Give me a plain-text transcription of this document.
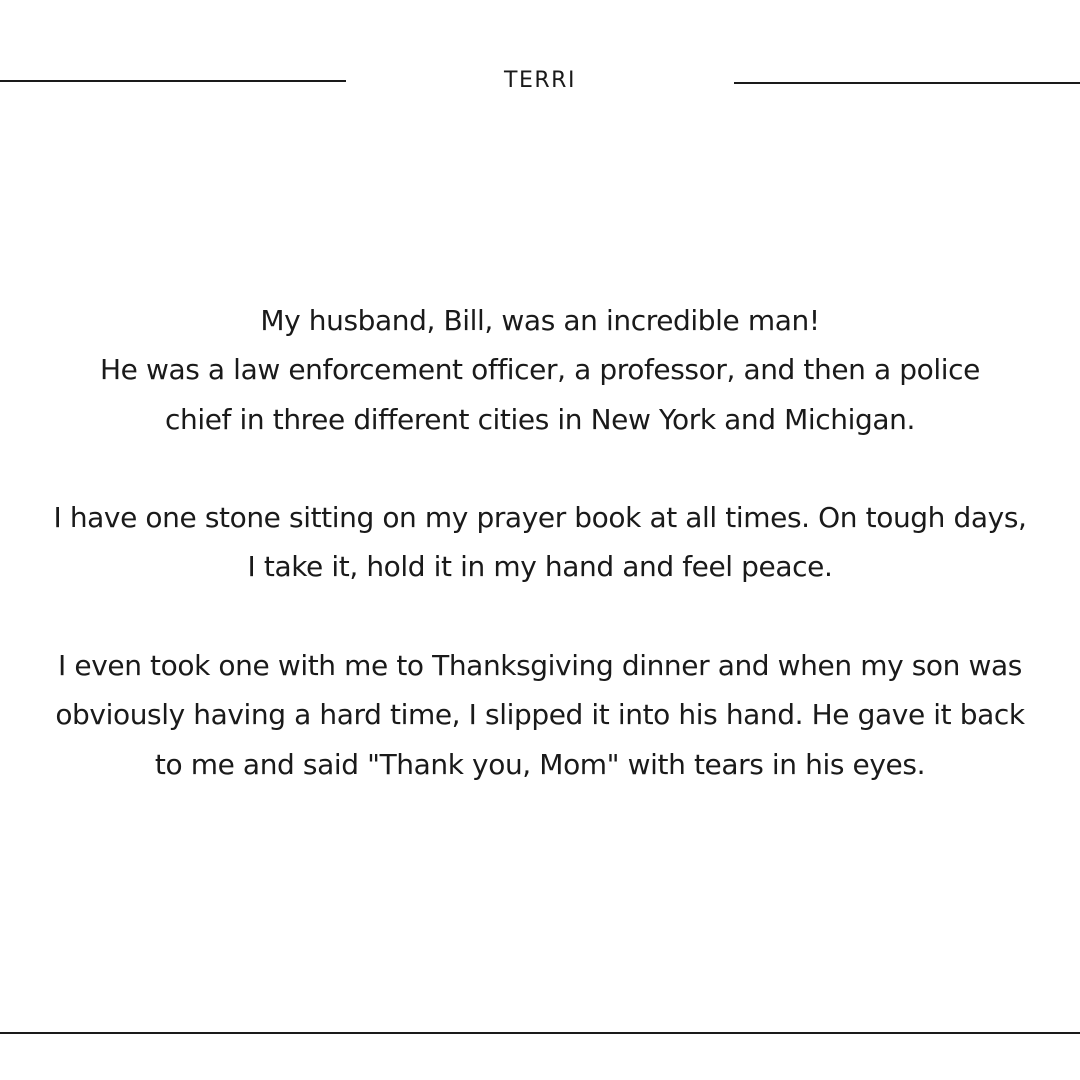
TERRI

My husband, Bill, was an incredible man!
He was a law enforcement officer, a professor, and then a police
chief in three different cities in New York and Michigan.

I have one stone sitting on my prayer book at all times. On tough days,
I take it, hold it in my hand and feel peace.

I even took one with me to Thanksgiving dinner and when my son was
obviously having a hard time, I slipped it into his hand. He gave it back
to me and said "Thank you, Mom" with tears in his eyes.
